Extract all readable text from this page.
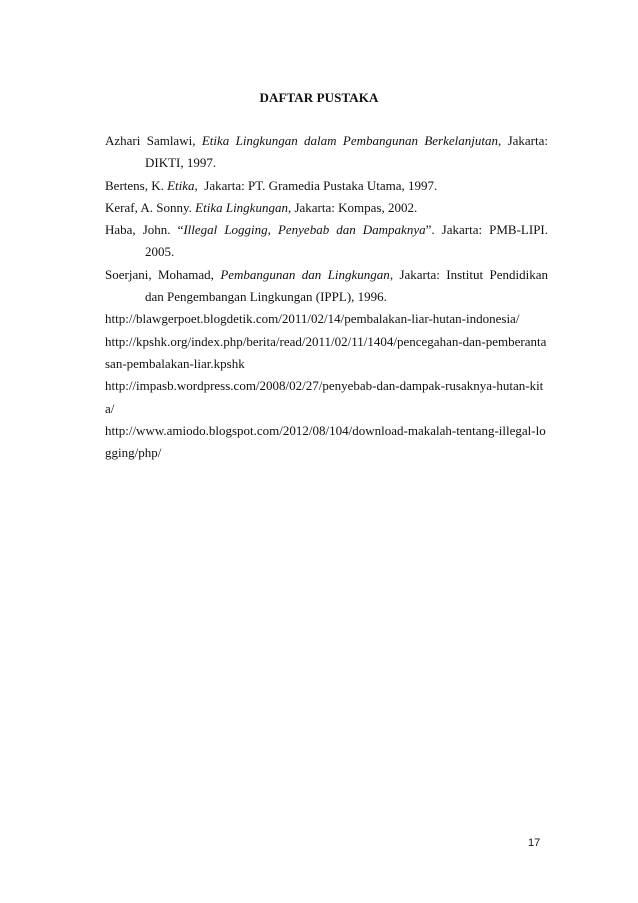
DAFTAR PUSTAKA

Azhari Samlawi, Etika Lingkungan dalam Pembangunan Berkelanjutan, Jakarta: DIKTI, 1997.

Bertens, K. Etika,  Jakarta: PT. Gramedia Pustaka Utama, 1997.

Keraf, A. Sonny. Etika Lingkungan, Jakarta: Kompas, 2002.

Haba, John. “Illegal Logging, Penyebab dan Dampaknya”. Jakarta: PMB-LIPI. 2005.

Soerjani, Mohamad, Pembangunan dan Lingkungan, Jakarta: Institut Pendidikan dan Pengembangan Lingkungan (IPPL), 1996.

http://blawgerpoet.blogdetik.com/2011/02/14/pembalakan-liar-hutan-indonesia/

http://kpshk.org/index.php/berita/read/2011/02/11/1404/pencegahan-dan-pemberantasan-pembalakan-liar.kpshk

http://impasb.wordpress.com/2008/02/27/penyebab-dan-dampak-rusaknya-hutan-kita/

http://www.amiodo.blogspot.com/2012/08/104/download-makalah-tentang-illegal-logging/php/

17
